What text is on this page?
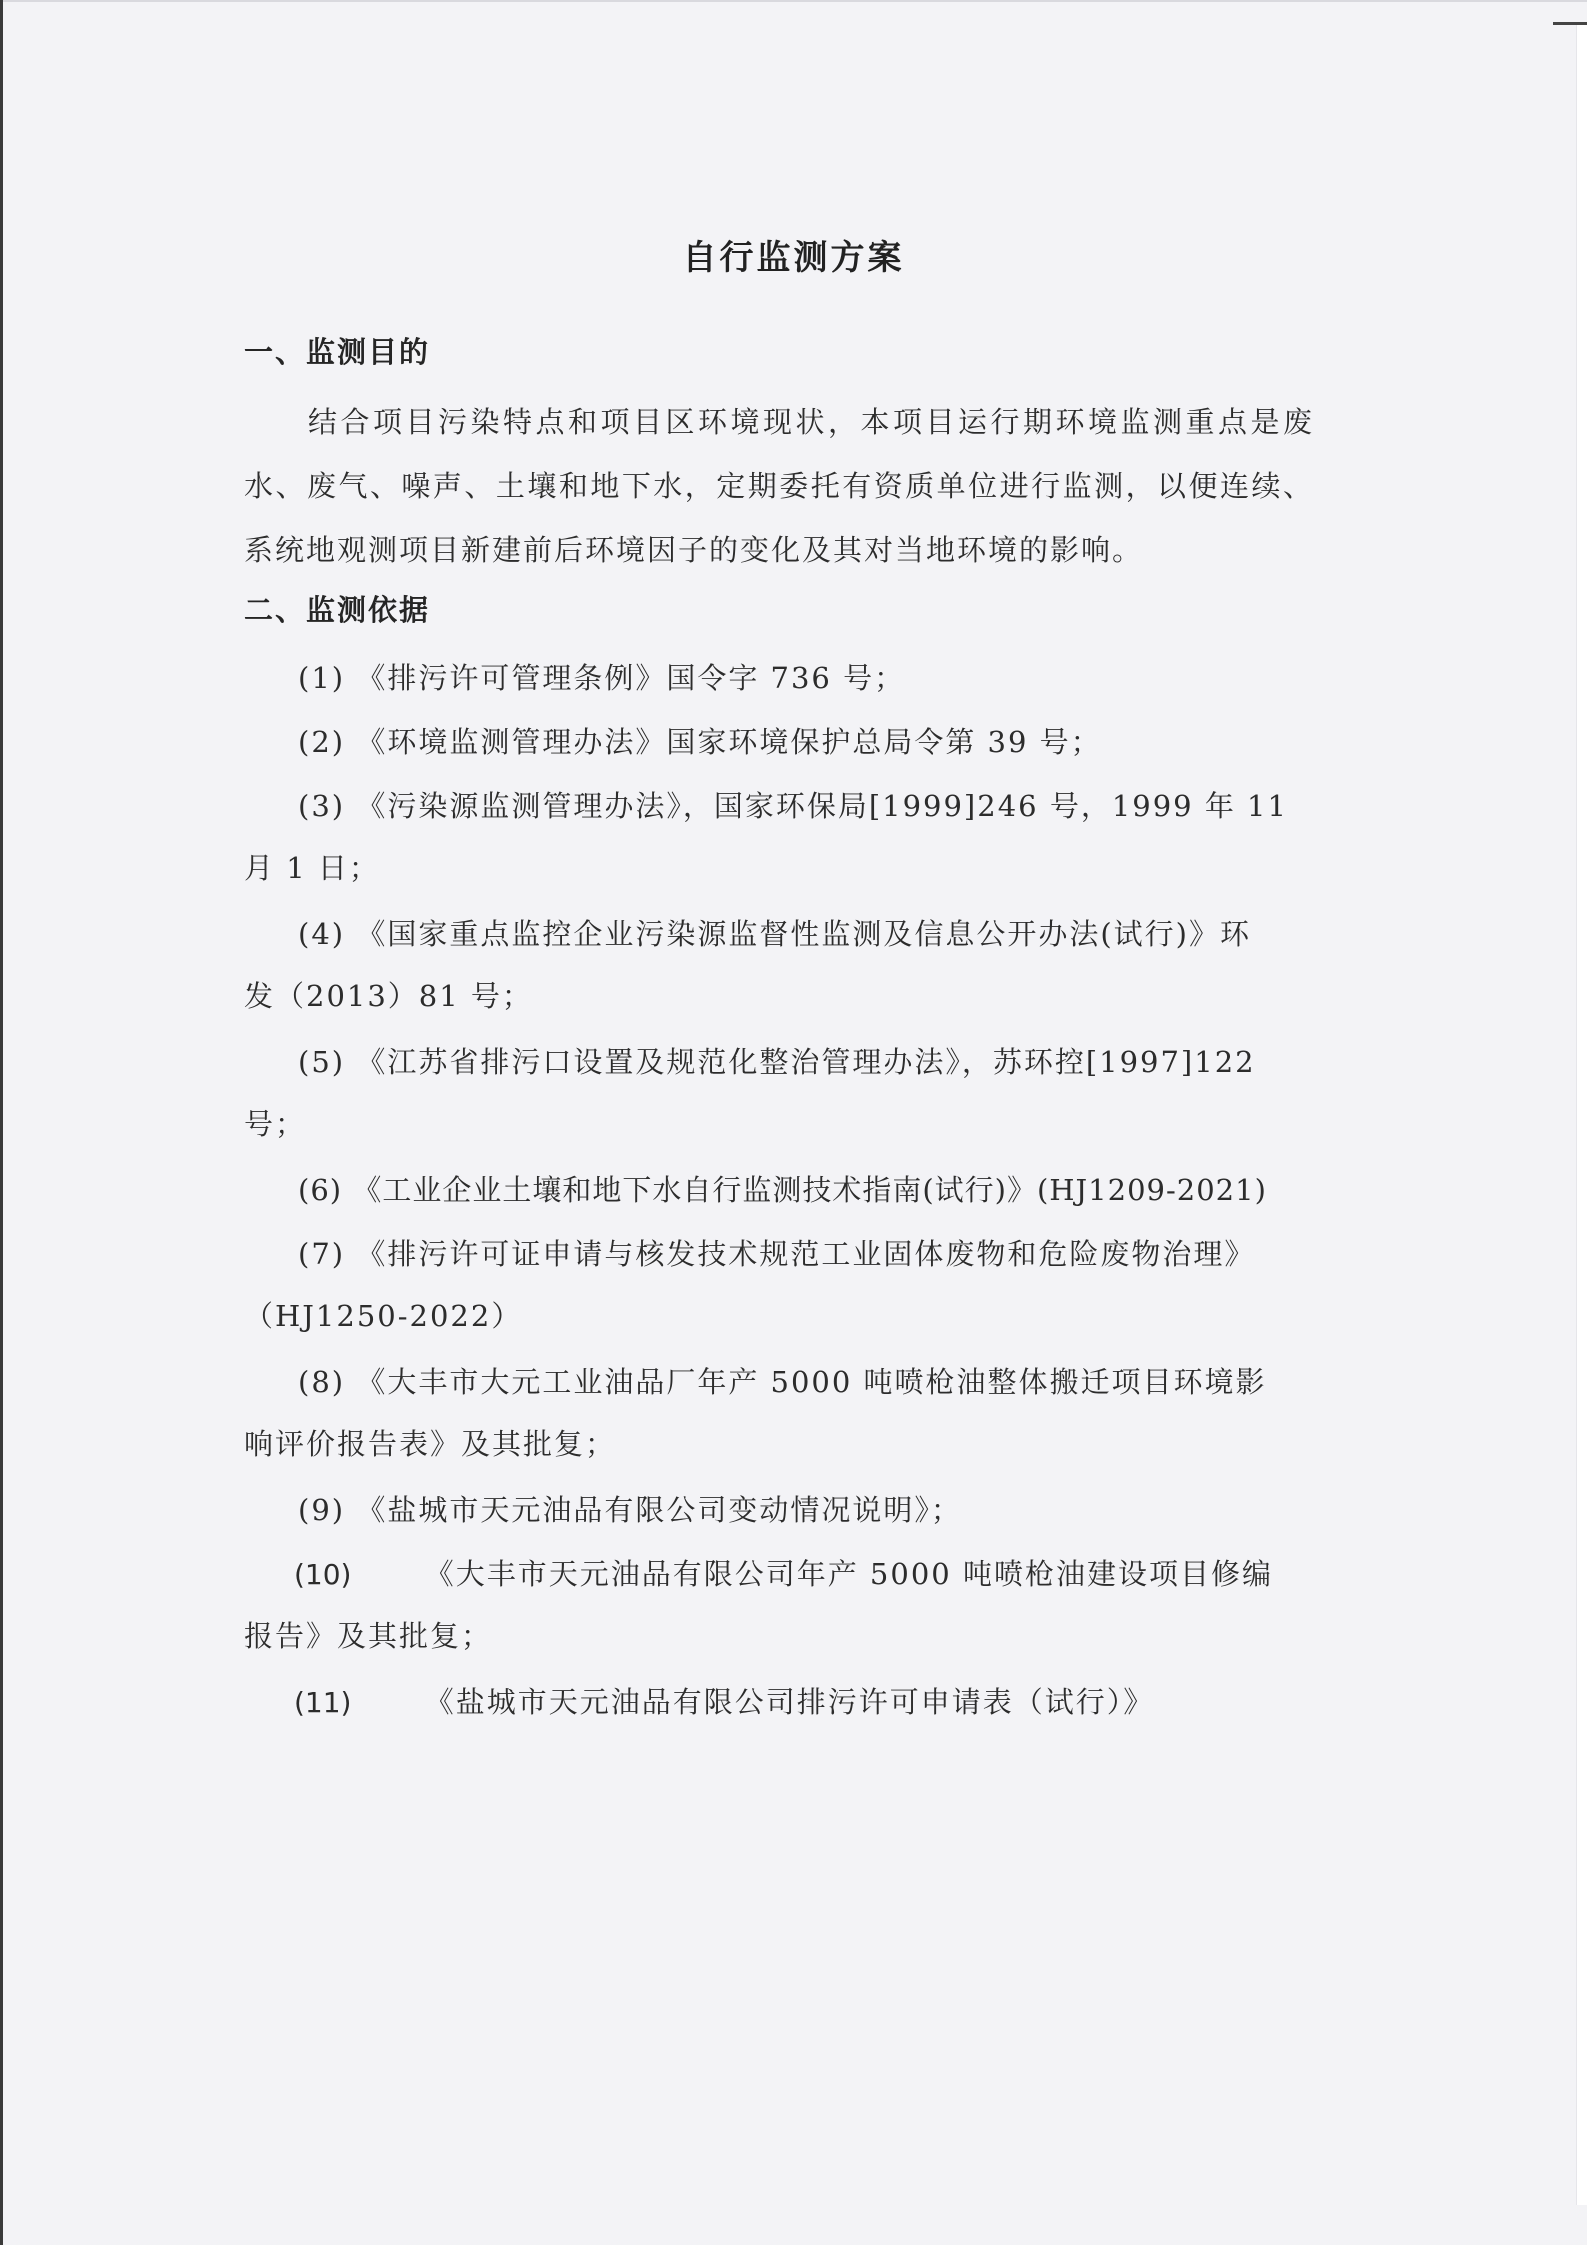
自行监测方案
一、监测目的
结合项目污染特点和项目区环境现状，本项目运行期环境监测重点是废水、废气、噪声、土壤和地下水，定期委托有资质单位进行监测，以便连续、系统地观测项目新建前后环境因子的变化及其对当地环境的影响。
二、监测依据
(1) 《排污许可管理条例》国令字 736 号；
(2) 《环境监测管理办法》国家环境保护总局令第 39 号；
(3) 《污染源监测管理办法》，国家环保局[1999]246 号，1999 年 11
月 1 日；
(4) 《国家重点监控企业污染源监督性监测及信息公开办法(试行)》环
发（2013）81 号；
(5) 《江苏省排污口设置及规范化整治管理办法》，苏环控[1997]122
号；
(6) 《工业企业土壤和地下水自行监测技术指南(试行)》(HJ1209-2021)
(7) 《排污许可证申请与核发技术规范工业固体废物和危险废物治理》
（HJ1250-2022）
(8) 《大丰市大元工业油品厂年产 5000 吨喷枪油整体搬迁项目环境影
响评价报告表》及其批复；
(9) 《盐城市天元油品有限公司变动情况说明》；
(10)	《大丰市天元油品有限公司年产 5000 吨喷枪油建设项目修编
报告》及其批复；
(11)	《盐城市天元油品有限公司排污许可申请表（试行）》
